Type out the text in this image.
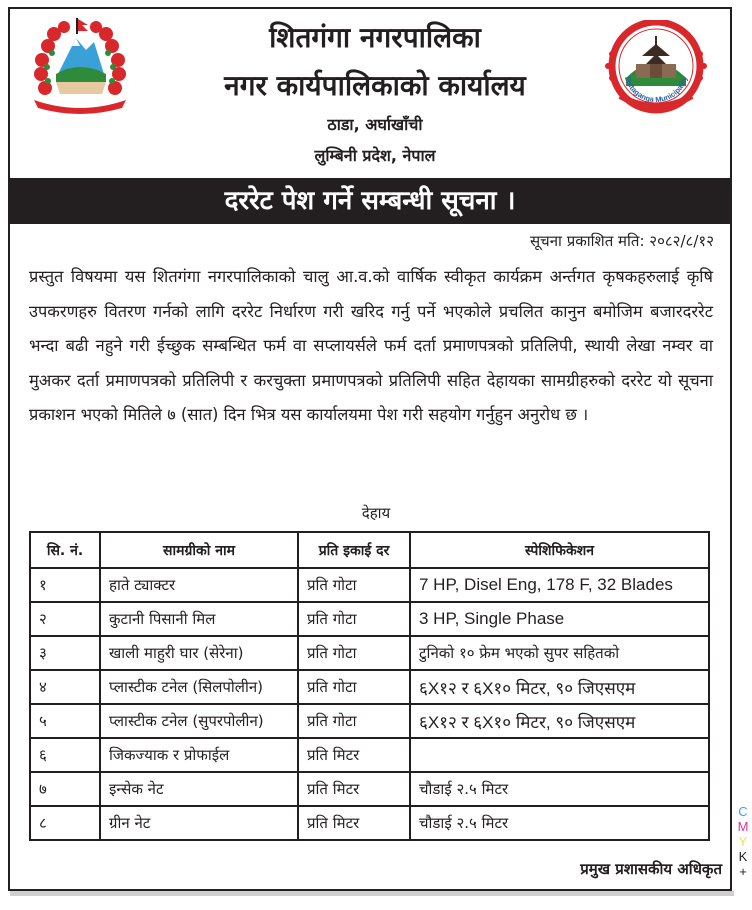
Shitaganga Municipality
शितगंगा नगरपालिका
नगर कार्यपालिकाको कार्यालय
ठाडा, अर्घाखाँची
लुम्बिनी प्रदेश, नेपाल
दररेट पेश गर्ने सम्बन्धी सूचना ।
सूचना प्रकाशित मति: २०८२/८/१२
प्रस्तुत विषयमा यस शितगंगा नगरपालिकाको चालु आ.व.को वार्षिक स्वीकृत कार्यक्रम अर्न्तगत कृषकहरुलाई कृषि उपकरणहरु वितरण गर्नको लागि दररेट निर्धारण गरी खरिद गर्नु पर्ने भएकोले प्रचलित कानुन बमोजिम बजारदररेट भन्दा बढी नहुने गरी ईच्छुक सम्बन्धित फर्म वा सप्लायर्सले फर्म दर्ता प्रमाणपत्रको प्रतिलिपी, स्थायी लेखा नम्वर वा मुअकर दर्ता प्रमाणपत्रको प्रतिलिपी र करचुक्ता प्रमाणपत्रको प्रतिलिपी सहित देहायका सामग्रीहरुको दररेट यो सूचना प्रकाशन भएको मितिले ७ (सात) दिन भित्र यस कार्यालयमा पेश गरी सहयोग गर्नुहुन अनुरोध छ ।
देहाय
सि. नं.	सामग्रीको नाम	प्रति इकाई दर	स्पेशिफिकेशन
१	हाते ट्याक्टर	प्रति गोटा	7 HP, Disel Eng, 178 F, 32 Blades
२	कुटानी पिसानी मिल	प्रति गोटा	3 HP, Single Phase
३	खाली माहुरी घार (सेरेना)	प्रति गोटा	टुनिको १० फ्रेम भएको सुपर सहितको
४	प्लास्टीक टनेल (सिलपोलीन)	प्रति गोटा	६X१२ र ६X१० मिटर, ९० जिएसएम
५	प्लास्टीक टनेल (सुपरपोलीन)	प्रति गोटा	६X१२ र ६X१० मिटर, ९० जिएसएम
६	जिकज्याक र प्रोफाईल	प्रति मिटर	
७	इन्सेक नेट	प्रति मिटर	चौडाई २.५ मिटर
८	ग्रीन नेट	प्रति मिटर	चौडाई २.५ मिटर
प्रमुख प्रशासकीय अधिकृत
C
M
Y
K
+
